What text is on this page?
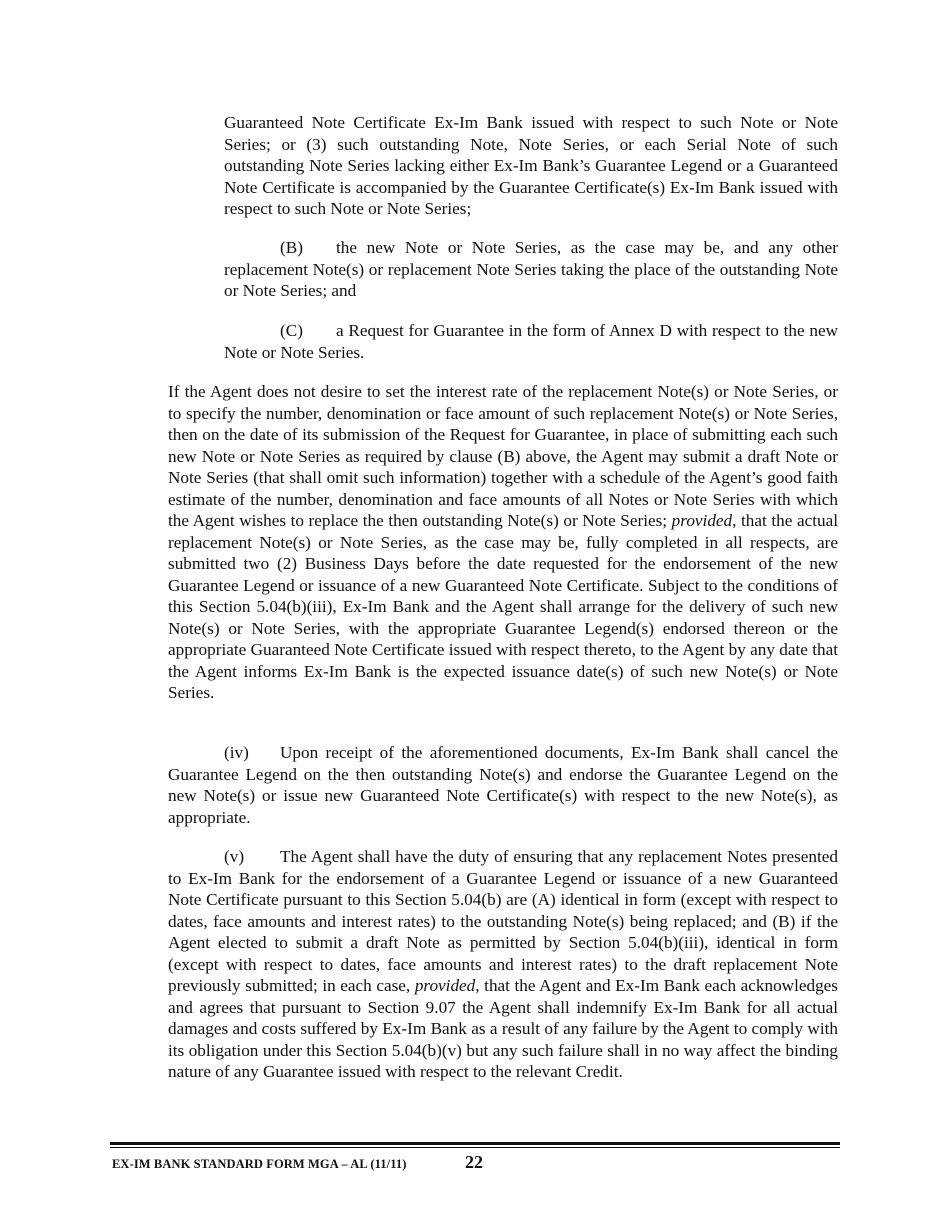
Guaranteed Note Certificate Ex-Im Bank issued with respect to such Note or Note Series; or (3) such outstanding Note, Note Series, or each Serial Note of such outstanding Note Series lacking either Ex-Im Bank’s Guarantee Legend or a Guaranteed Note Certificate is accompanied by the Guarantee Certificate(s) Ex-Im Bank issued with respect to such Note or Note Series;

(B) the new Note or Note Series, as the case may be, and any other replacement Note(s) or replacement Note Series taking the place of the outstanding Note or Note Series; and

(C) a Request for Guarantee in the form of Annex D with respect to the new Note or Note Series.

If the Agent does not desire to set the interest rate of the replacement Note(s) or Note Series, or to specify the number, denomination or face amount of such replacement Note(s) or Note Series, then on the date of its submission of the Request for Guarantee, in place of submitting each such new Note or Note Series as required by clause (B) above, the Agent may submit a draft Note or Note Series (that shall omit such information) together with a schedule of the Agent’s good faith estimate of the number, denomination and face amounts of all Notes or Note Series with which the Agent wishes to replace the then outstanding Note(s) or Note Series; provided, that the actual replacement Note(s) or Note Series, as the case may be, fully completed in all respects, are submitted two (2) Business Days before the date requested for the endorsement of the new Guarantee Legend or issuance of a new Guaranteed Note Certificate. Subject to the conditions of this Section 5.04(b)(iii), Ex-Im Bank and the Agent shall arrange for the delivery of such new Note(s) or Note Series, with the appropriate Guarantee Legend(s) endorsed thereon or the appropriate Guaranteed Note Certificate issued with respect thereto, to the Agent by any date that the Agent informs Ex-Im Bank is the expected issuance date(s) of such new Note(s) or Note Series.

(iv) Upon receipt of the aforementioned documents, Ex-Im Bank shall cancel the Guarantee Legend on the then outstanding Note(s) and endorse the Guarantee Legend on the new Note(s) or issue new Guaranteed Note Certificate(s) with respect to the new Note(s), as appropriate.

(v) The Agent shall have the duty of ensuring that any replacement Notes presented to Ex-Im Bank for the endorsement of a Guarantee Legend or issuance of a new Guaranteed Note Certificate pursuant to this Section 5.04(b) are (A) identical in form (except with respect to dates, face amounts and interest rates) to the outstanding Note(s) being replaced; and (B) if the Agent elected to submit a draft Note as permitted by Section 5.04(b)(iii), identical in form (except with respect to dates, face amounts and interest rates) to the draft replacement Note previously submitted; in each case, provided, that the Agent and Ex-Im Bank each acknowledges and agrees that pursuant to Section 9.07 the Agent shall indemnify Ex-Im Bank for all actual damages and costs suffered by Ex-Im Bank as a result of any failure by the Agent to comply with its obligation under this Section 5.04(b)(v) but any such failure shall in no way affect the binding nature of any Guarantee issued with respect to the relevant Credit.

EX-IM BANK STANDARD FORM MGA – AL (11/11)	22
